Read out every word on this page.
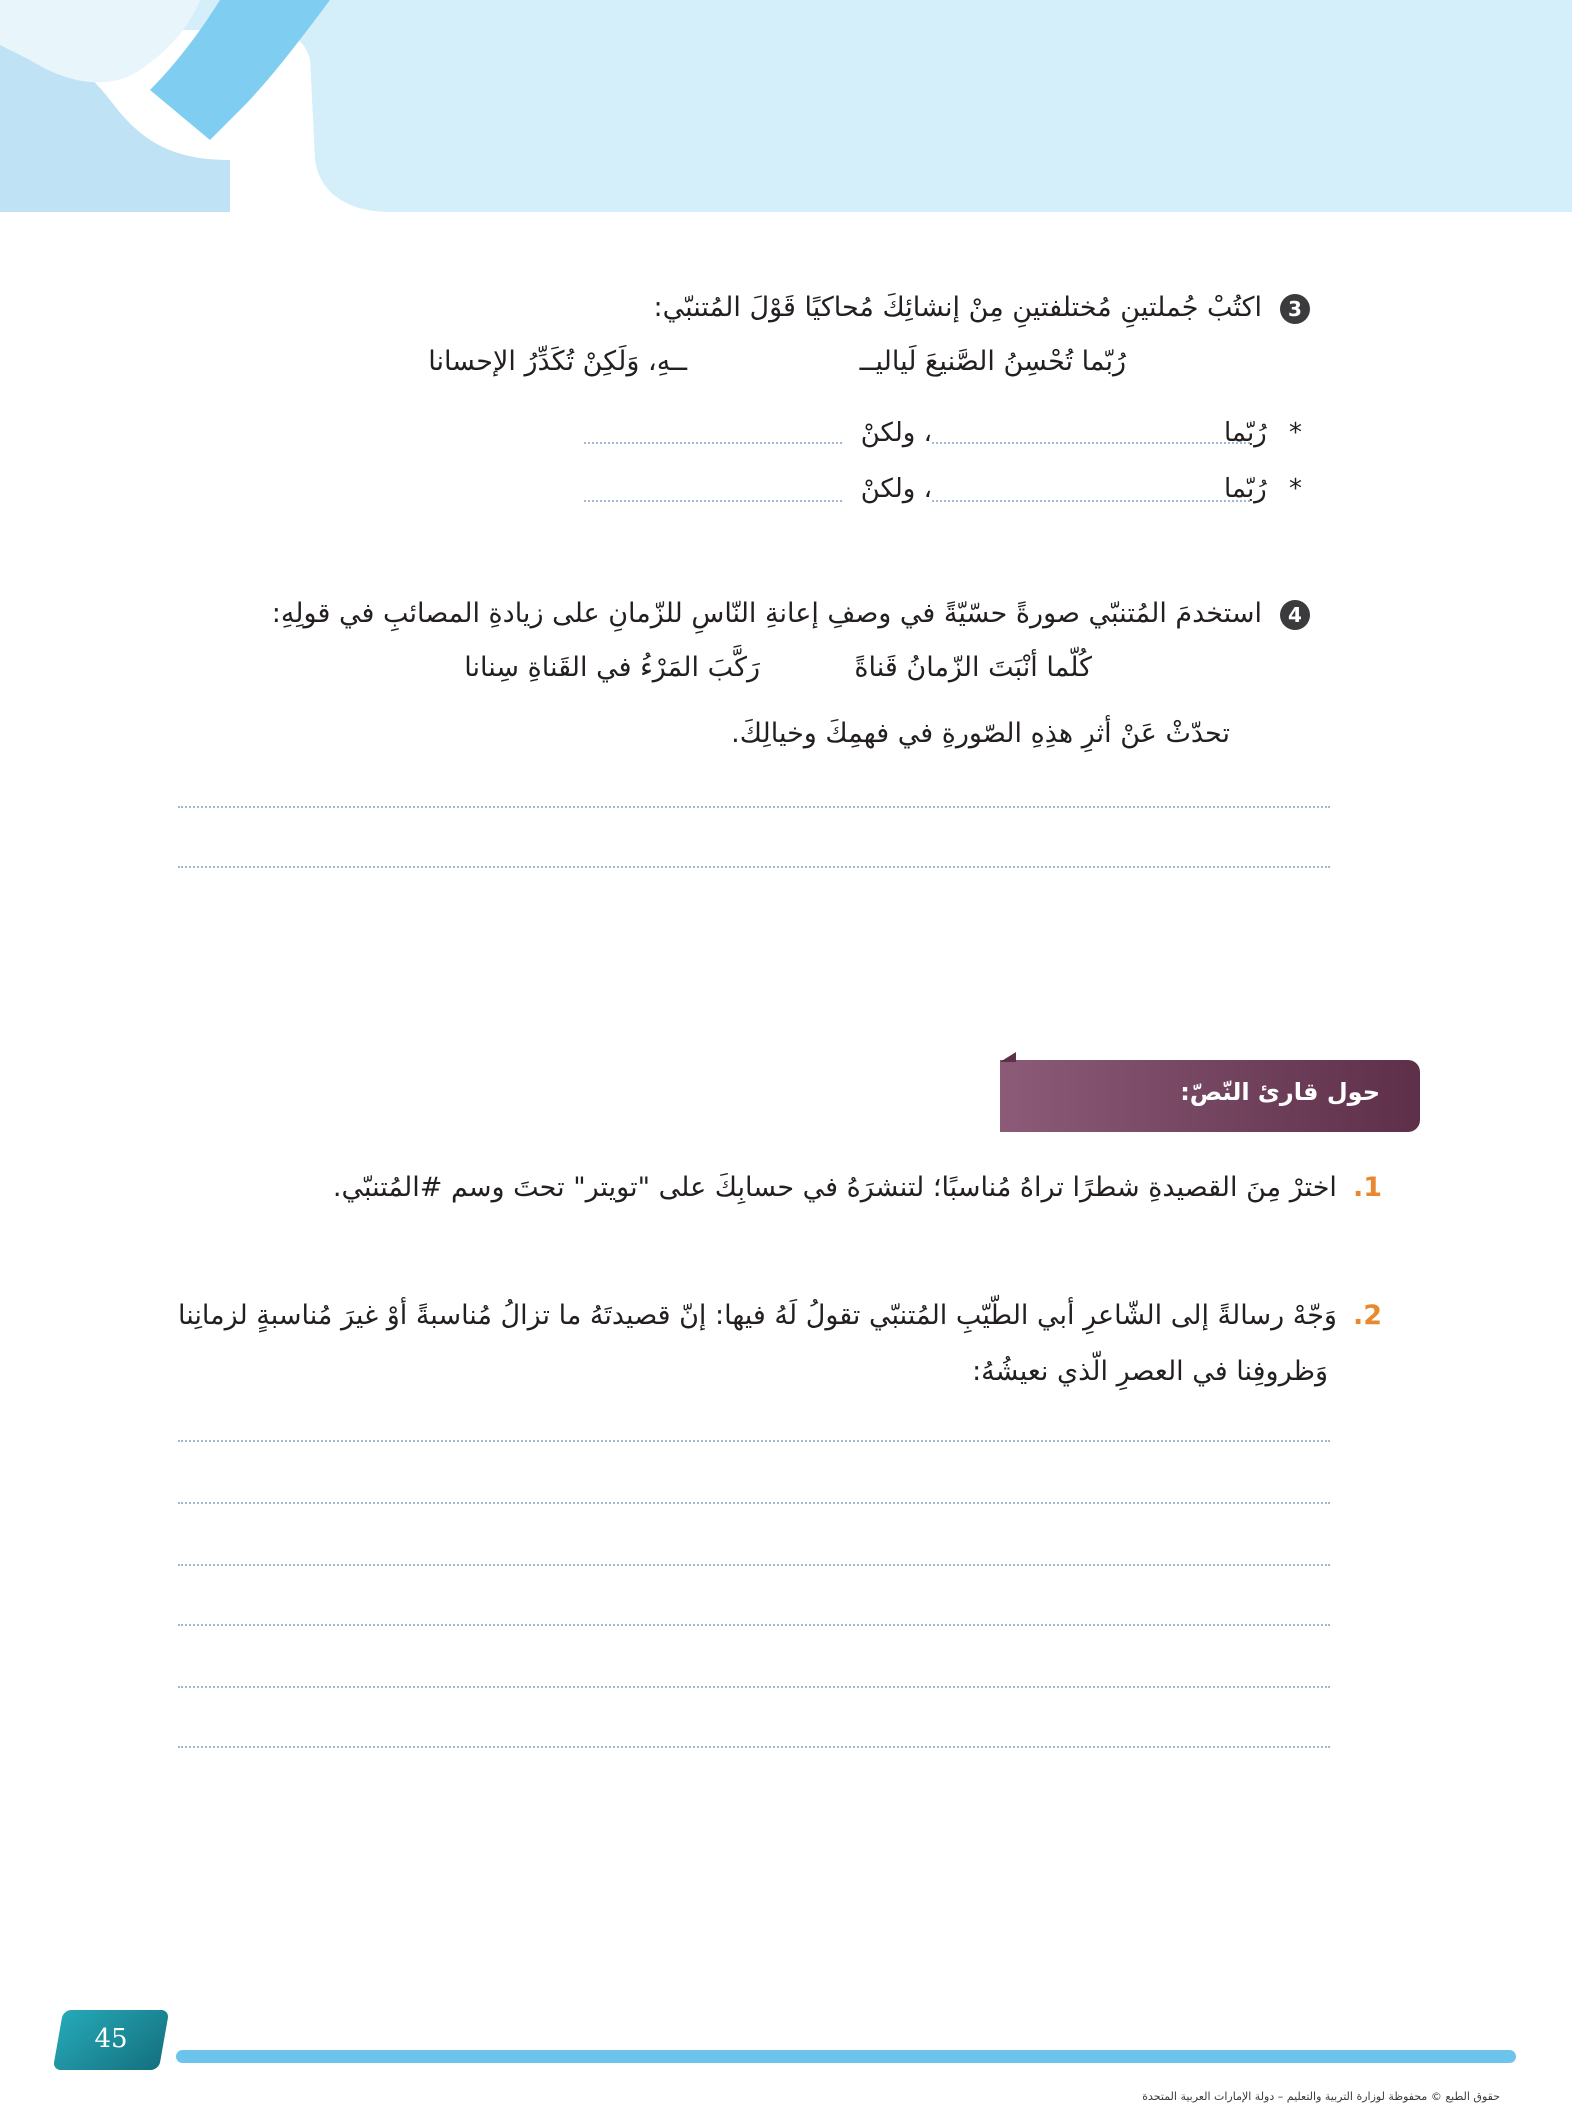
3
اكتُبْ جُملتينِ مُختلفتينِ مِنْ إنشائِكَ مُحاكيًا قَوْلَ المُتنبّي:
رُبّما تُحْسِنُ الصَّنيعَ لَياليــ
ــهِ، وَلَكِنْ تُكَدِّرُ الإحسانا
* رُبّما
، ولكنْ
* رُبّما
، ولكنْ
4
استخدمَ المُتنبّي صورةً حسّيّةً في وصفِ إعانةِ النّاسِ للزّمانِ على زيادةِ المصائبِ في قولِهِ:
كُلّما أنْبَتَ الزّمانُ قَناةً
رَكَّبَ المَرْءُ في القَناةِ سِنانا
تحدّثْ عَنْ أثرِ هذِهِ الصّورةِ في فهمِكَ وخيالِكَ.
حول قارئ النّصّ:
1.اخترْ مِنَ القصيدةِ شطرًا تراهُ مُناسبًا؛ لتنشرَهُ في حسابِكَ على "تويتر" تحتَ وسم #المُتنبّي.
2.وَجّهْ رسالةً إلى الشّاعرِ أبي الطّيّبِ المُتنبّي تقولُ لَهُ فيها: إنّ قصيدتَهُ ما تزالُ مُناسبةً أوْ غيرَ مُناسبةٍ لزمانِنا
وَظروفِنا في العصرِ الّذي نعيشُهُ:
45
حقوق الطبع © محفوظة لوزارة التربية والتعليم – دولة الإمارات العربية المتحدة
